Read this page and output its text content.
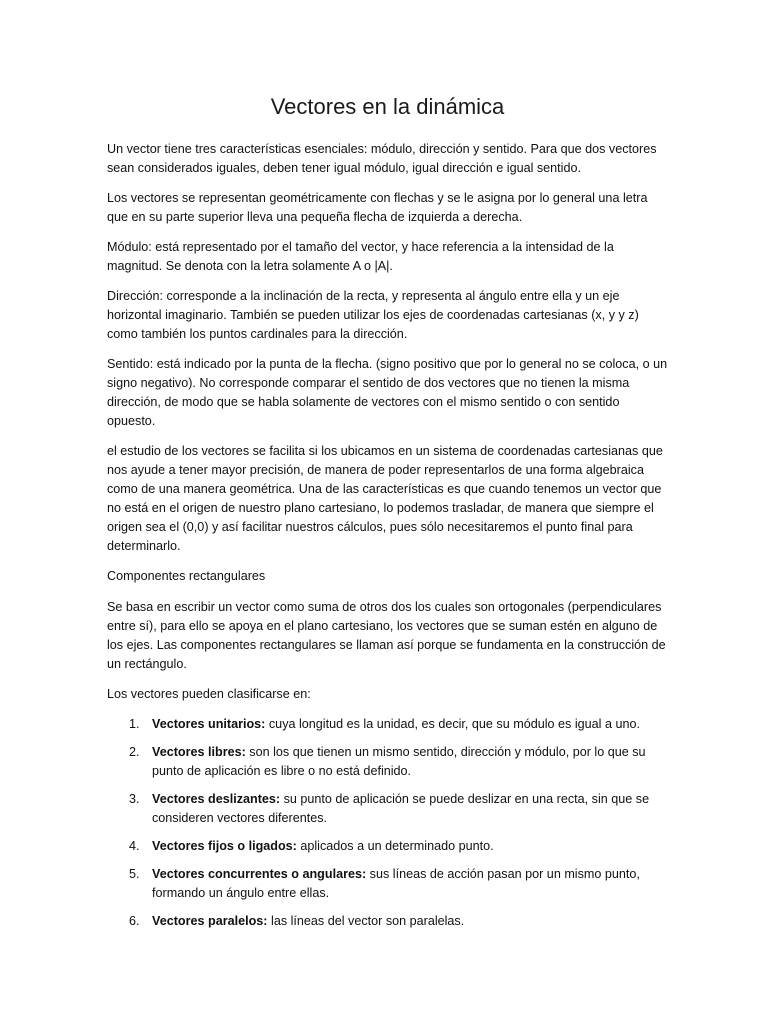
Vectores en la dinámica

Un vector tiene tres características esenciales: módulo, dirección y sentido. Para que dos vectores sean considerados iguales, deben tener igual módulo, igual dirección e igual sentido.

Los vectores se representan geométricamente con flechas y se le asigna por lo general una letra que en su parte superior lleva una pequeña flecha de izquierda a derecha.

Módulo: está representado por el tamaño del vector, y hace referencia a la intensidad de la magnitud. Se denota con la letra solamente A o |A|.

Dirección: corresponde a la inclinación de la recta, y representa al ángulo entre ella y un eje horizontal imaginario. También se pueden utilizar los ejes de coordenadas cartesianas (x, y y z) como también los puntos cardinales para la dirección.

Sentido: está indicado por la punta de la flecha. (signo positivo que por lo general no se coloca, o un signo negativo). No corresponde comparar el sentido de dos vectores que no tienen la misma dirección, de modo que se habla solamente de vectores con el mismo sentido o con sentido opuesto.

el estudio de los vectores se facilita si los ubicamos en un sistema de coordenadas cartesianas que nos ayude a tener mayor precisión, de manera de poder representarlos de una forma algebraica como de una manera geométrica. Una de las características es que cuando tenemos un vector que no está en el origen de nuestro plano cartesiano, lo podemos trasladar, de manera que siempre el origen sea el (0,0) y así facilitar nuestros cálculos, pues sólo necesitaremos el punto final para determinarlo.

Componentes rectangulares

Se basa en escribir un vector como suma de otros dos los cuales son ortogonales (perpendiculares entre sí), para ello se apoya en el plano cartesiano, los vectores que se suman estén en alguno de los ejes. Las componentes rectangulares se llaman así porque se fundamenta en la construcción de un rectángulo.

Los vectores pueden clasificarse en:

Vectores unitarios: cuya longitud es la unidad, es decir, que su módulo es igual a uno.
Vectores libres: son los que tienen un mismo sentido, dirección y módulo, por lo que su punto de aplicación es libre o no está definido.
Vectores deslizantes: su punto de aplicación se puede deslizar en una recta, sin que se consideren vectores diferentes.
Vectores fijos o ligados: aplicados a un determinado punto.
Vectores concurrentes o angulares: sus líneas de acción pasan por un mismo punto, formando un ángulo entre ellas.
Vectores paralelos: las líneas del vector son paralelas.
